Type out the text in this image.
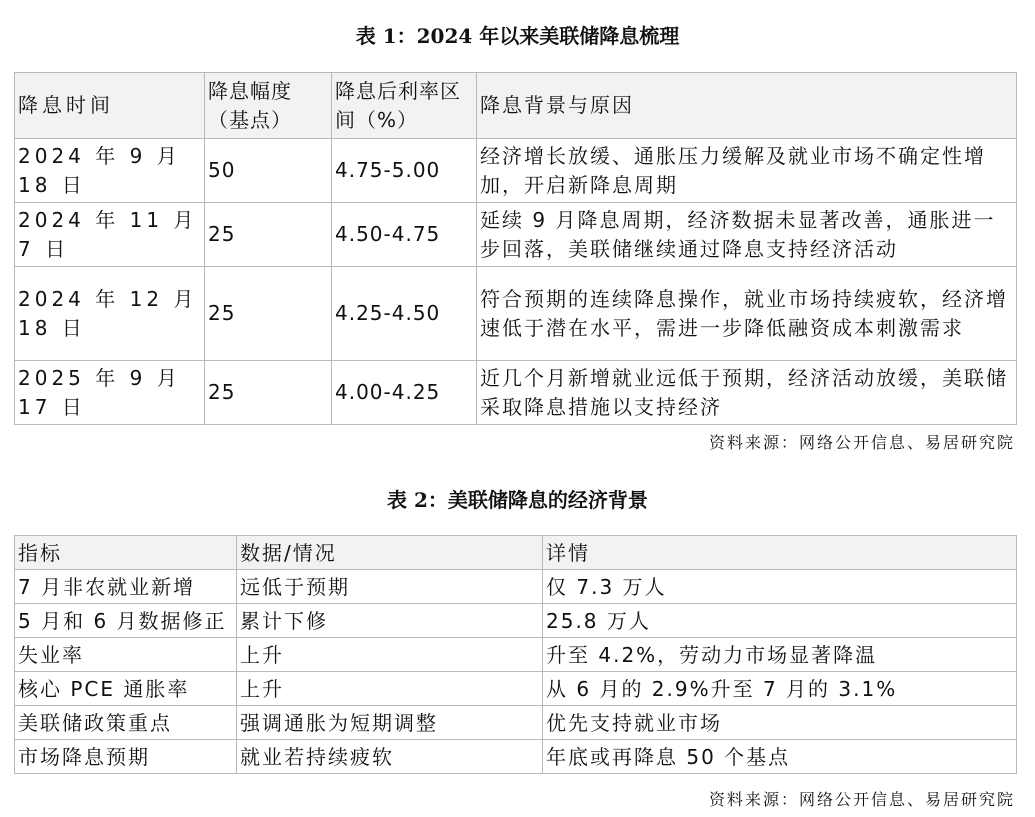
表 1：2024 年以来美联储降息梳理
降息时间	降息幅度（基点）	降息后利率区间（%）	降息背景与原因
2024 年 9 月 18 日	50	4.75-5.00	经济增长放缓、通胀压力缓解及就业市场不确定性增加，开启新降息周期
2024 年 11 月 7 日	25	4.50-4.75	延续 9 月降息周期，经济数据未显著改善，通胀进一步回落，美联储继续通过降息支持经济活动
2024 年 12 月 18 日	25	4.25-4.50	符合预期的连续降息操作，就业市场持续疲软，经济增速低于潜在水平，需进一步降低融资成本刺激需求
2025 年 9 月 17 日	25	4.00-4.25	近几个月新增就业远低于预期，经济活动放缓，美联储采取降息措施以支持经济
资料来源：网络公开信息、易居研究院
表 2：美联储降息的经济背景
指标	数据/情况	详情
7 月非农就业新增	远低于预期	仅 7.3 万人
5 月和 6 月数据修正	累计下修	25.8 万人
失业率	上升	升至 4.2%，劳动力市场显著降温
核心 PCE 通胀率	上升	从 6 月的 2.9%升至 7 月的 3.1%
美联储政策重点	强调通胀为短期调整	优先支持就业市场
市场降息预期	就业若持续疲软	年底或再降息 50 个基点
资料来源：网络公开信息、易居研究院
